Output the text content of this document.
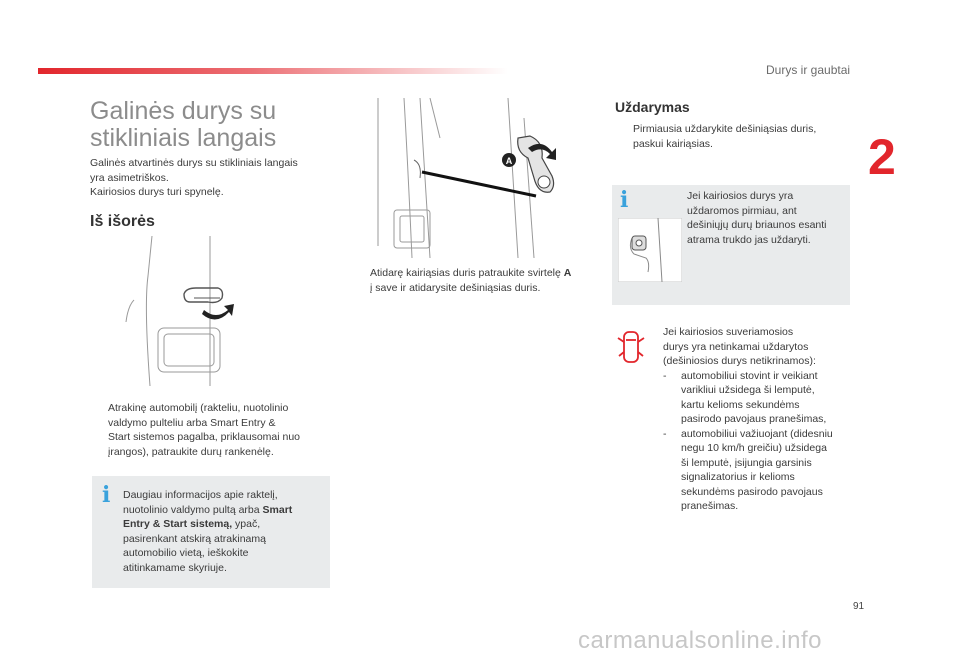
Durys ir gaubtai
2
Galinės durys su
stikliniais langais
Galinės atvartinės durys su stikliniais langais
yra asimetriškos.
Kairiosios durys turi spynelę.
Iš išorės
Atrakinę automobilį (rakteliu, nuotolinio
valdymo pulteliu arba Smart Entry &
Start sistemos pagalba, priklausomai nuo
įrangos), patraukite durų rankenėlę.
i Daugiau informacijos apie raktelį,
nuotolinio valdymo pultą arba Smart
Entry & Start sistemą, ypač,
pasirenkant atskirą atrakinamą
automobilio vietą, ieškokite
atitinkamame skyriuje.
A
Atidarę kairiąsias duris patraukite svirtelę A
į save ir atidarysite dešiniąsias duris.
Uždarymas
Pirmiausia uždarykite dešiniąsias duris,
paskui kairiąsias.
i	Jei kairiosios durys yra
uždaromos pirmiau, ant
dešiniųjų durų briaunos esanti
atrama trukdo jas uždaryti.
Jei kairiosios suveriamosios
durys yra netinkamai uždarytos
(dešiniosios durys netikrinamos):
- automobiliui stovint ir veikiant
varikliui užsidega ši lemputė,
kartu kelioms sekundėms
pasirodo pavojaus pranešimas,
- automobiliui važiuojant (didesniu
negu 10 km/h greičiu) užsidega
ši lemputė, įsijungia garsinis
signalizatorius ir kelioms
sekundėms pasirodo pavojaus
pranešimas.
91
carmanualsonline.info
